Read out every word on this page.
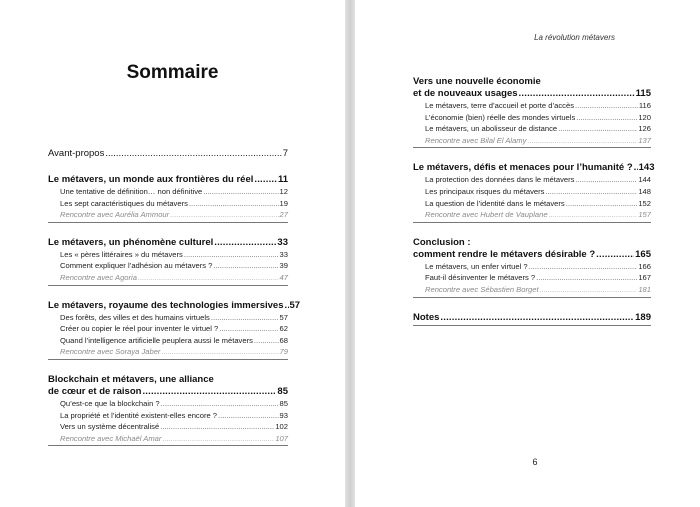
Sommaire
La révolution métavers
Avant-propos .....	7
Le métavers, un monde aux frontières du réel .....	11
Une tentative de définition… non définitive .....	12
Les sept caractéristiques du métavers .....	19
Rencontre avec Aurélia Ammour .....	27
Le métavers, un phénomène culturel .....	33
Les « pères littéraires » du métavers .....	33
Comment expliquer l’adhésion au métavers ? .....	39
Rencontre avec Agoria .....	47
Le métavers, royaume des technologies immersives ..... 57
Des forêts, des villes et des humains virtuels .....	57
Créer ou copier le réel pour inventer le virtuel ? .....	62
Quand l’intelligence artificielle peuplera aussi le métavers .....	68
Rencontre avec Soraya Jaber .....	79
Blockchain et métavers, une alliance
de cœur et de raison .....	85
Qu’est-ce que la blockchain ? .....	85
La propriété et l’identité existent-elles encore ? .....	93
Vers un système décentralisé .....	102
Rencontre avec Michaël Amar .....	107
Vers une nouvelle économie
et de nouveaux usages .....	115
Le métavers, terre d’accueil et porte d’accès .....	116
L’économie (bien) réelle des mondes virtuels .....	120
Le métavers, un abolisseur de distance .....	126
Rencontre avec Bilal El Alamy .....	137
Le métavers, défis et menaces pour l’humanité ? ..... 143
La protection des données dans le métavers .....	144
Les principaux risques du métavers .....	148
La question de l’identité dans le métavers .....	152
Rencontre avec Hubert de Vauplane .....	157
Conclusion :
comment rendre le métavers désirable ? .....	165
Le métavers, un enfer virtuel ? .....	166
Faut-il désinventer le métavers ? .....	167
Rencontre avec Sébastien Borget .....	181
Notes .....	189
6
